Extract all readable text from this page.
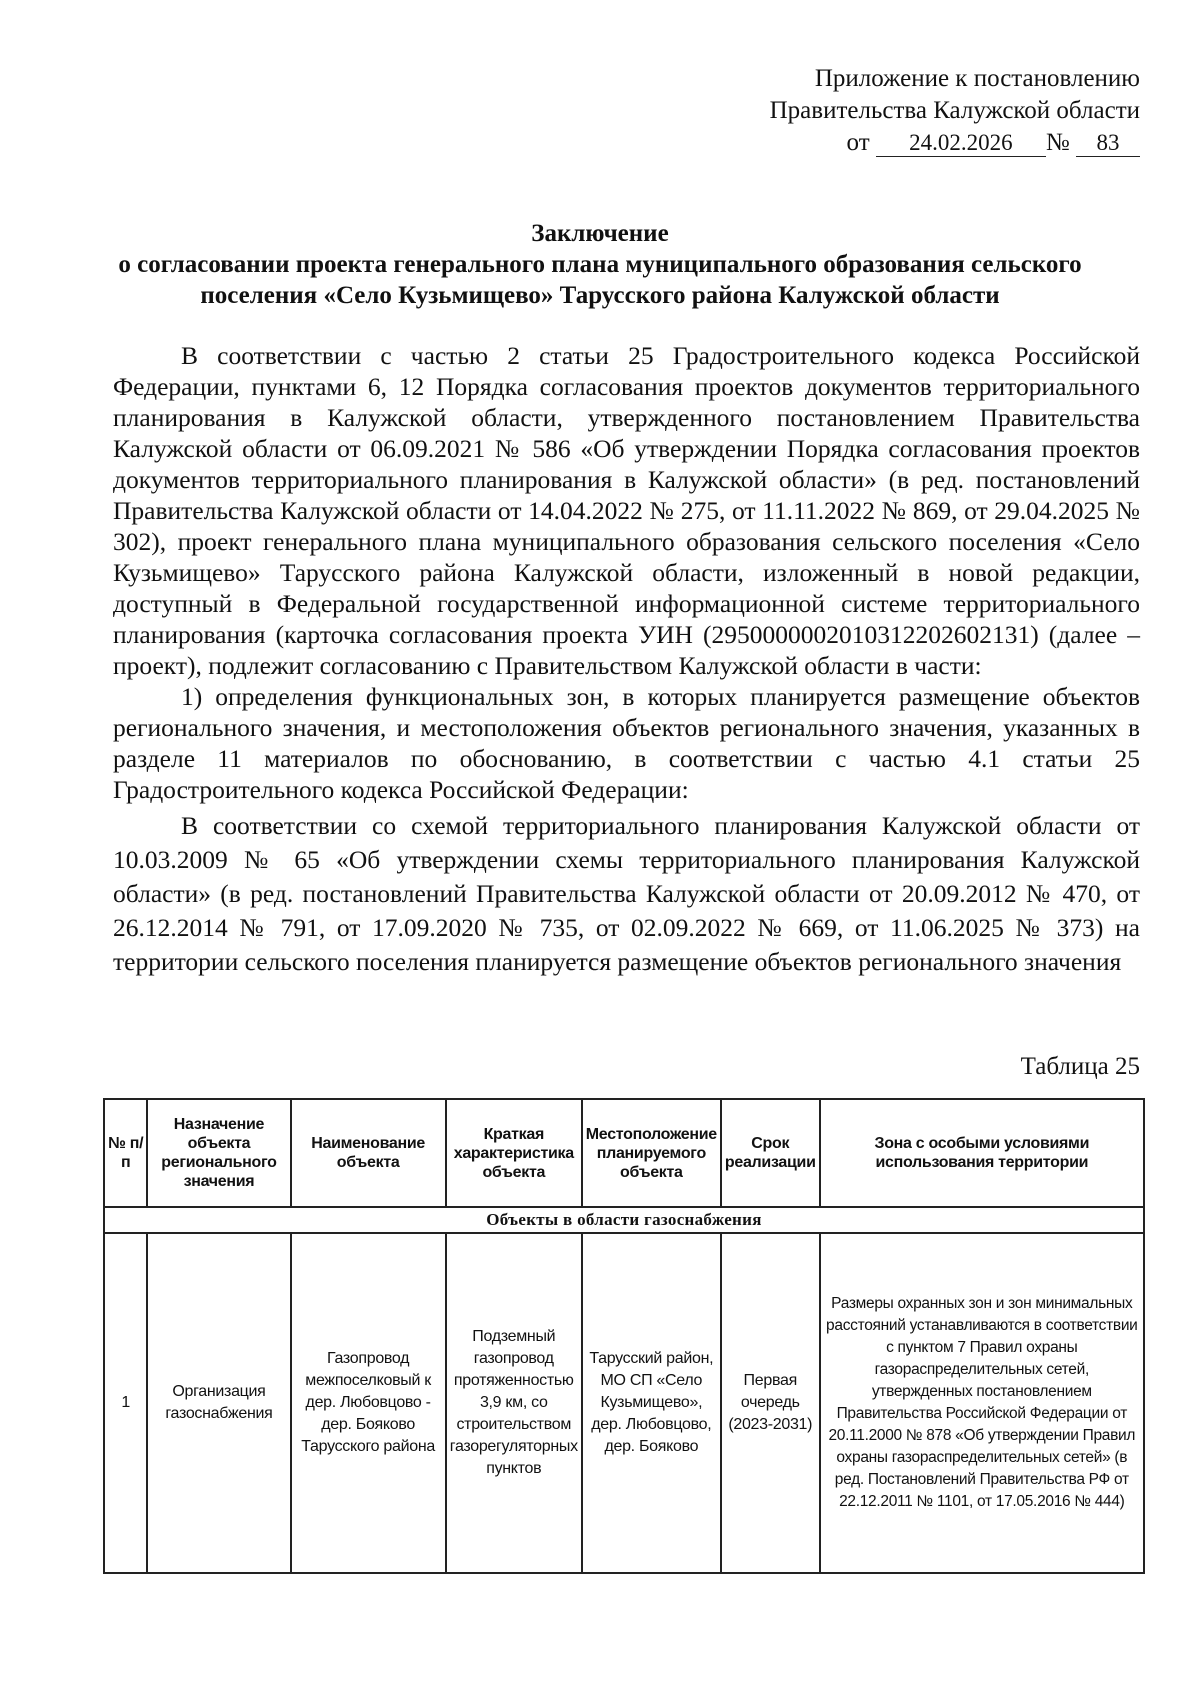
Приложение к постановлению
Правительства Калужской области
от 24.02.2026 № 83
Заключение
о согласовании проекта генерального плана муниципального образования сельского
поселения «Село Кузьмищево» Тарусского района Калужской области

В соответствии с частью 2 статьи 25 Градостроительного кодекса Российской Федерации, пунктами 6, 12 Порядка согласования проектов документов территориального планирования в Калужской области, утвержденного постановлением Правительства Калужской области от 06.09.2021 № 586 «Об утверждении Порядка согласования проектов документов территориального планирования в Калужской области» (в ред. постановлений Правительства Калужской области от 14.04.2022 № 275, от 11.11.2022 № 869, от 29.04.2025 № 302), проект генерального плана муниципального образования сельского поселения «Село Кузьмищево» Тарусского района Калужской области, изложенный в новой редакции, доступный в Федеральной государственной информационной системе территориального планирования (карточка согласования проекта УИН (2950000002010312202602131) (далее – проект), подлежит согласованию с Правительством Калужской области в части:

1) определения функциональных зон, в которых планируется размещение объектов регионального значения, и местоположения объектов регионального значения, указанных в разделе 11 материалов по обоснованию, в соответствии с частью 4.1 статьи 25 Градостроительного кодекса Российской Федерации:

В соответствии со схемой территориального планирования Калужской области от 10.03.2009 № 65 «Об утверждении схемы территориального планирования Калужской области» (в ред. постановлений Правительства Калужской области от 20.09.2012 № 470, от 26.12.2014 № 791, от 17.09.2020 № 735, от 02.09.2022 № 669, от 11.06.2025 № 373) на территории сельского поселения планируется размещение объектов регионального значения

Таблица 25
№ п/п	Назначение объекта регионального значения	Наименование объекта	Краткая характеристика объекта	Местоположение планируемого объекта	Срок реализации	Зона с особыми условиями использования территории
Объекты в области газоснабжения						
1	Организация газоснабжения	Газопровод межпоселковый к дер. Любовцово - дер. Бояково Тарусского района	Подземный газопровод протяженностью 3,9 км, со строительством газорегуляторных пунктов	Тарусский район, МО СП «Село Кузьмищево», дер. Любовцово, дер. Бояково	Первая очередь (2023-2031)	Размеры охранных зон и зон минимальных расстояний устанавливаются в соответствии с пунктом 7 Правил охраны газораспределительных сетей, утвержденных постановлением Правительства Российской Федерации от 20.11.2000 № 878 «Об утверждении Правил охраны газораспределительных сетей» (в ред. Постановлений Правительства РФ от 22.12.2011 № 1101, от 17.05.2016 № 444)
